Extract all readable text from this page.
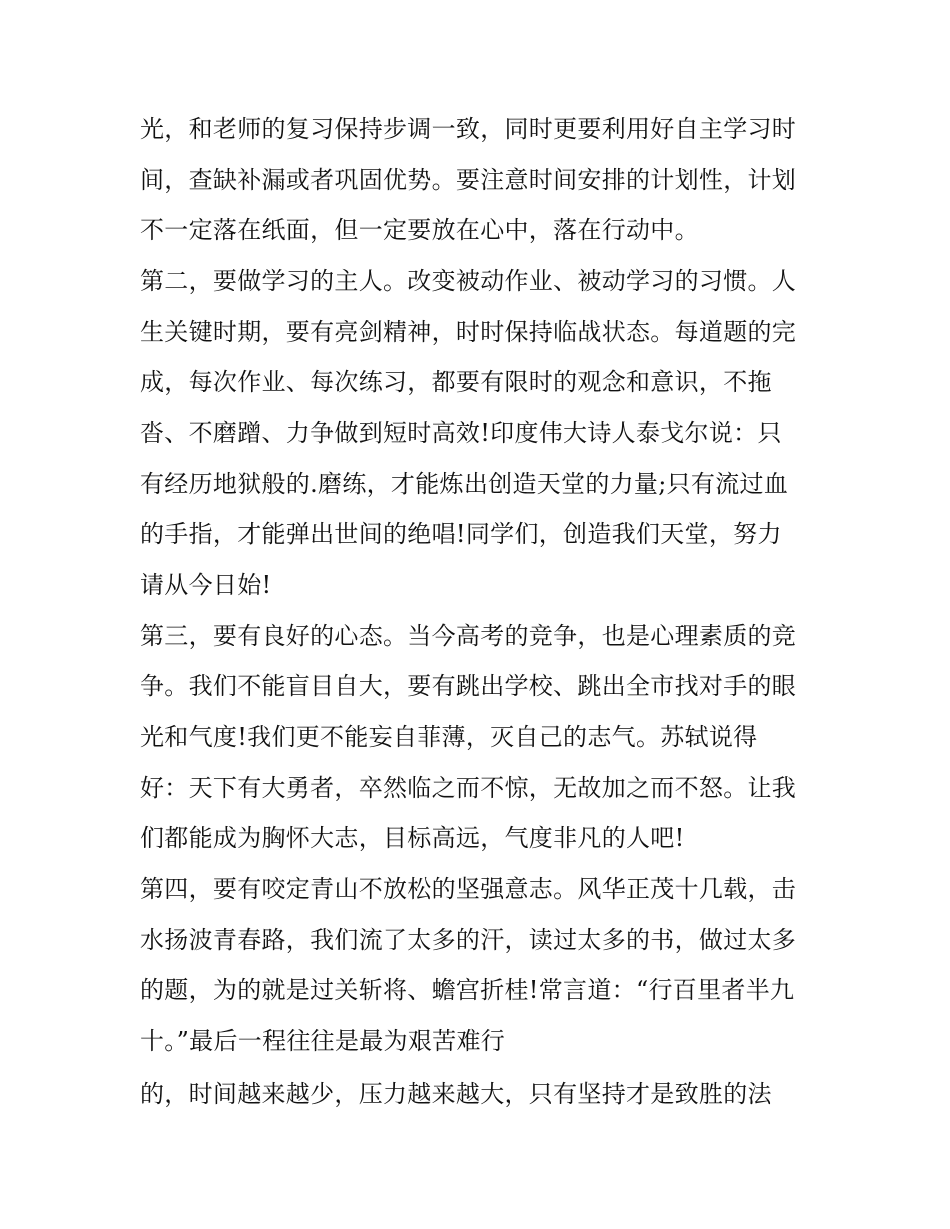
光，和老师的复习保持步调一致，同时更要利用好自主学习时
间，查缺补漏或者巩固优势。要注意时间安排的计划性，计划
不一定落在纸面，但一定要放在心中，落在行动中。
第二，要做学习的主人。改变被动作业、被动学习的习惯。人
生关键时期，要有亮剑精神，时时保持临战状态。每道题的完
成，每次作业、每次练习，都要有限时的观念和意识，不拖
沓、不磨蹭、力争做到短时高效!印度伟大诗人泰戈尔说：只
有经历地狱般的.磨练，才能炼出创造天堂的力量;只有流过血
的手指，才能弹出世间的绝唱!同学们，创造我们天堂，努力
请从今日始!
第三，要有良好的心态。当今高考的竞争，也是心理素质的竞
争。我们不能盲目自大，要有跳出学校、跳出全市找对手的眼
光和气度!我们更不能妄自菲薄，灭自己的志气。苏轼说得
好：天下有大勇者，卒然临之而不惊，无故加之而不怒。让我
们都能成为胸怀大志，目标高远，气度非凡的人吧!
第四，要有咬定青山不放松的坚强意志。风华正茂十几载，击
水扬波青春路，我们流了太多的汗，读过太多的书，做过太多
的题，为的就是过关斩将、蟾宫折桂!常言道：“行百里者半九
十。”最后一程往往是最为艰苦难行
的，时间越来越少，压力越来越大，只有坚持才是致胜的法
